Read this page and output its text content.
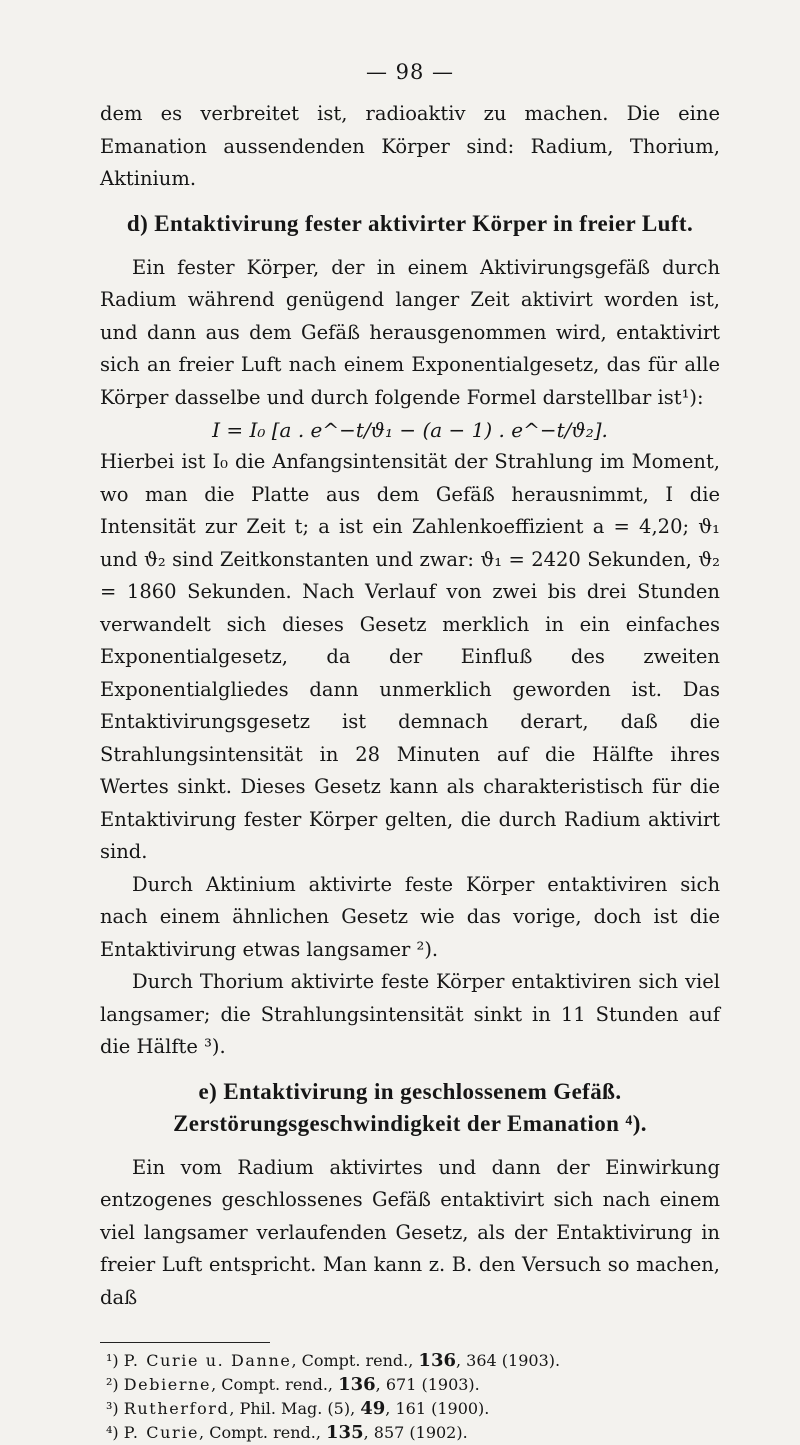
— 98 —

dem es verbreitet ist, radioaktiv zu machen. Die eine Emanation aussendenden Körper sind: Radium, Thorium, Aktinium.

d) Entaktivirung fester aktivirter Körper in freier Luft.

Ein fester Körper, der in einem Aktivirungsgefäß durch Radium während genügend langer Zeit aktivirt worden ist, und dann aus dem Gefäß herausgenommen wird, entaktivirt sich an freier Luft nach einem Exponentialgesetz, das für alle Körper dasselbe und durch folgende Formel darstellbar ist¹):

I = I₀ [a . e^−t/ϑ₁ − (a − 1) . e^−t/ϑ₂].

Hierbei ist I₀ die Anfangsintensität der Strahlung im Moment, wo man die Platte aus dem Gefäß herausnimmt, I die Intensität zur Zeit t; a ist ein Zahlenkoeffizient a = 4,20; ϑ₁ und ϑ₂ sind Zeitkonstanten und zwar: ϑ₁ = 2420 Sekunden, ϑ₂ = 1860 Sekunden. Nach Verlauf von zwei bis drei Stunden verwandelt sich dieses Gesetz merklich in ein einfaches Exponentialgesetz, da der Einfluß des zweiten Exponentialgliedes dann unmerklich geworden ist. Das Entaktivirungsgesetz ist demnach derart, daß die Strahlungsintensität in 28 Minuten auf die Hälfte ihres Wertes sinkt. Dieses Gesetz kann als charakteristisch für die Entaktivirung fester Körper gelten, die durch Radium aktivirt sind.

Durch Aktinium aktivirte feste Körper entaktiviren sich nach einem ähnlichen Gesetz wie das vorige, doch ist die Entaktivirung etwas langsamer ²).

Durch Thorium aktivirte feste Körper entaktiviren sich viel langsamer; die Strahlungsintensität sinkt in 11 Stunden auf die Hälfte ³).

e) Entaktivirung in geschlossenem Gefäß. Zerstörungsgeschwindigkeit der Emanation ⁴).

Ein vom Radium aktivirtes und dann der Einwirkung entzogenes geschlossenes Gefäß entaktivirt sich nach einem viel langsamer verlaufenden Gesetz, als der Entaktivirung in freier Luft entspricht. Man kann z. B. den Versuch so machen, daß

¹) P. Curie u. Danne, Compt. rend., 136, 364 (1903).
²) Debierne, Compt. rend., 136, 671 (1903).
³) Rutherford, Phil. Mag. (5), 49, 161 (1900).
⁴) P. Curie, Compt. rend., 135, 857 (1902).
